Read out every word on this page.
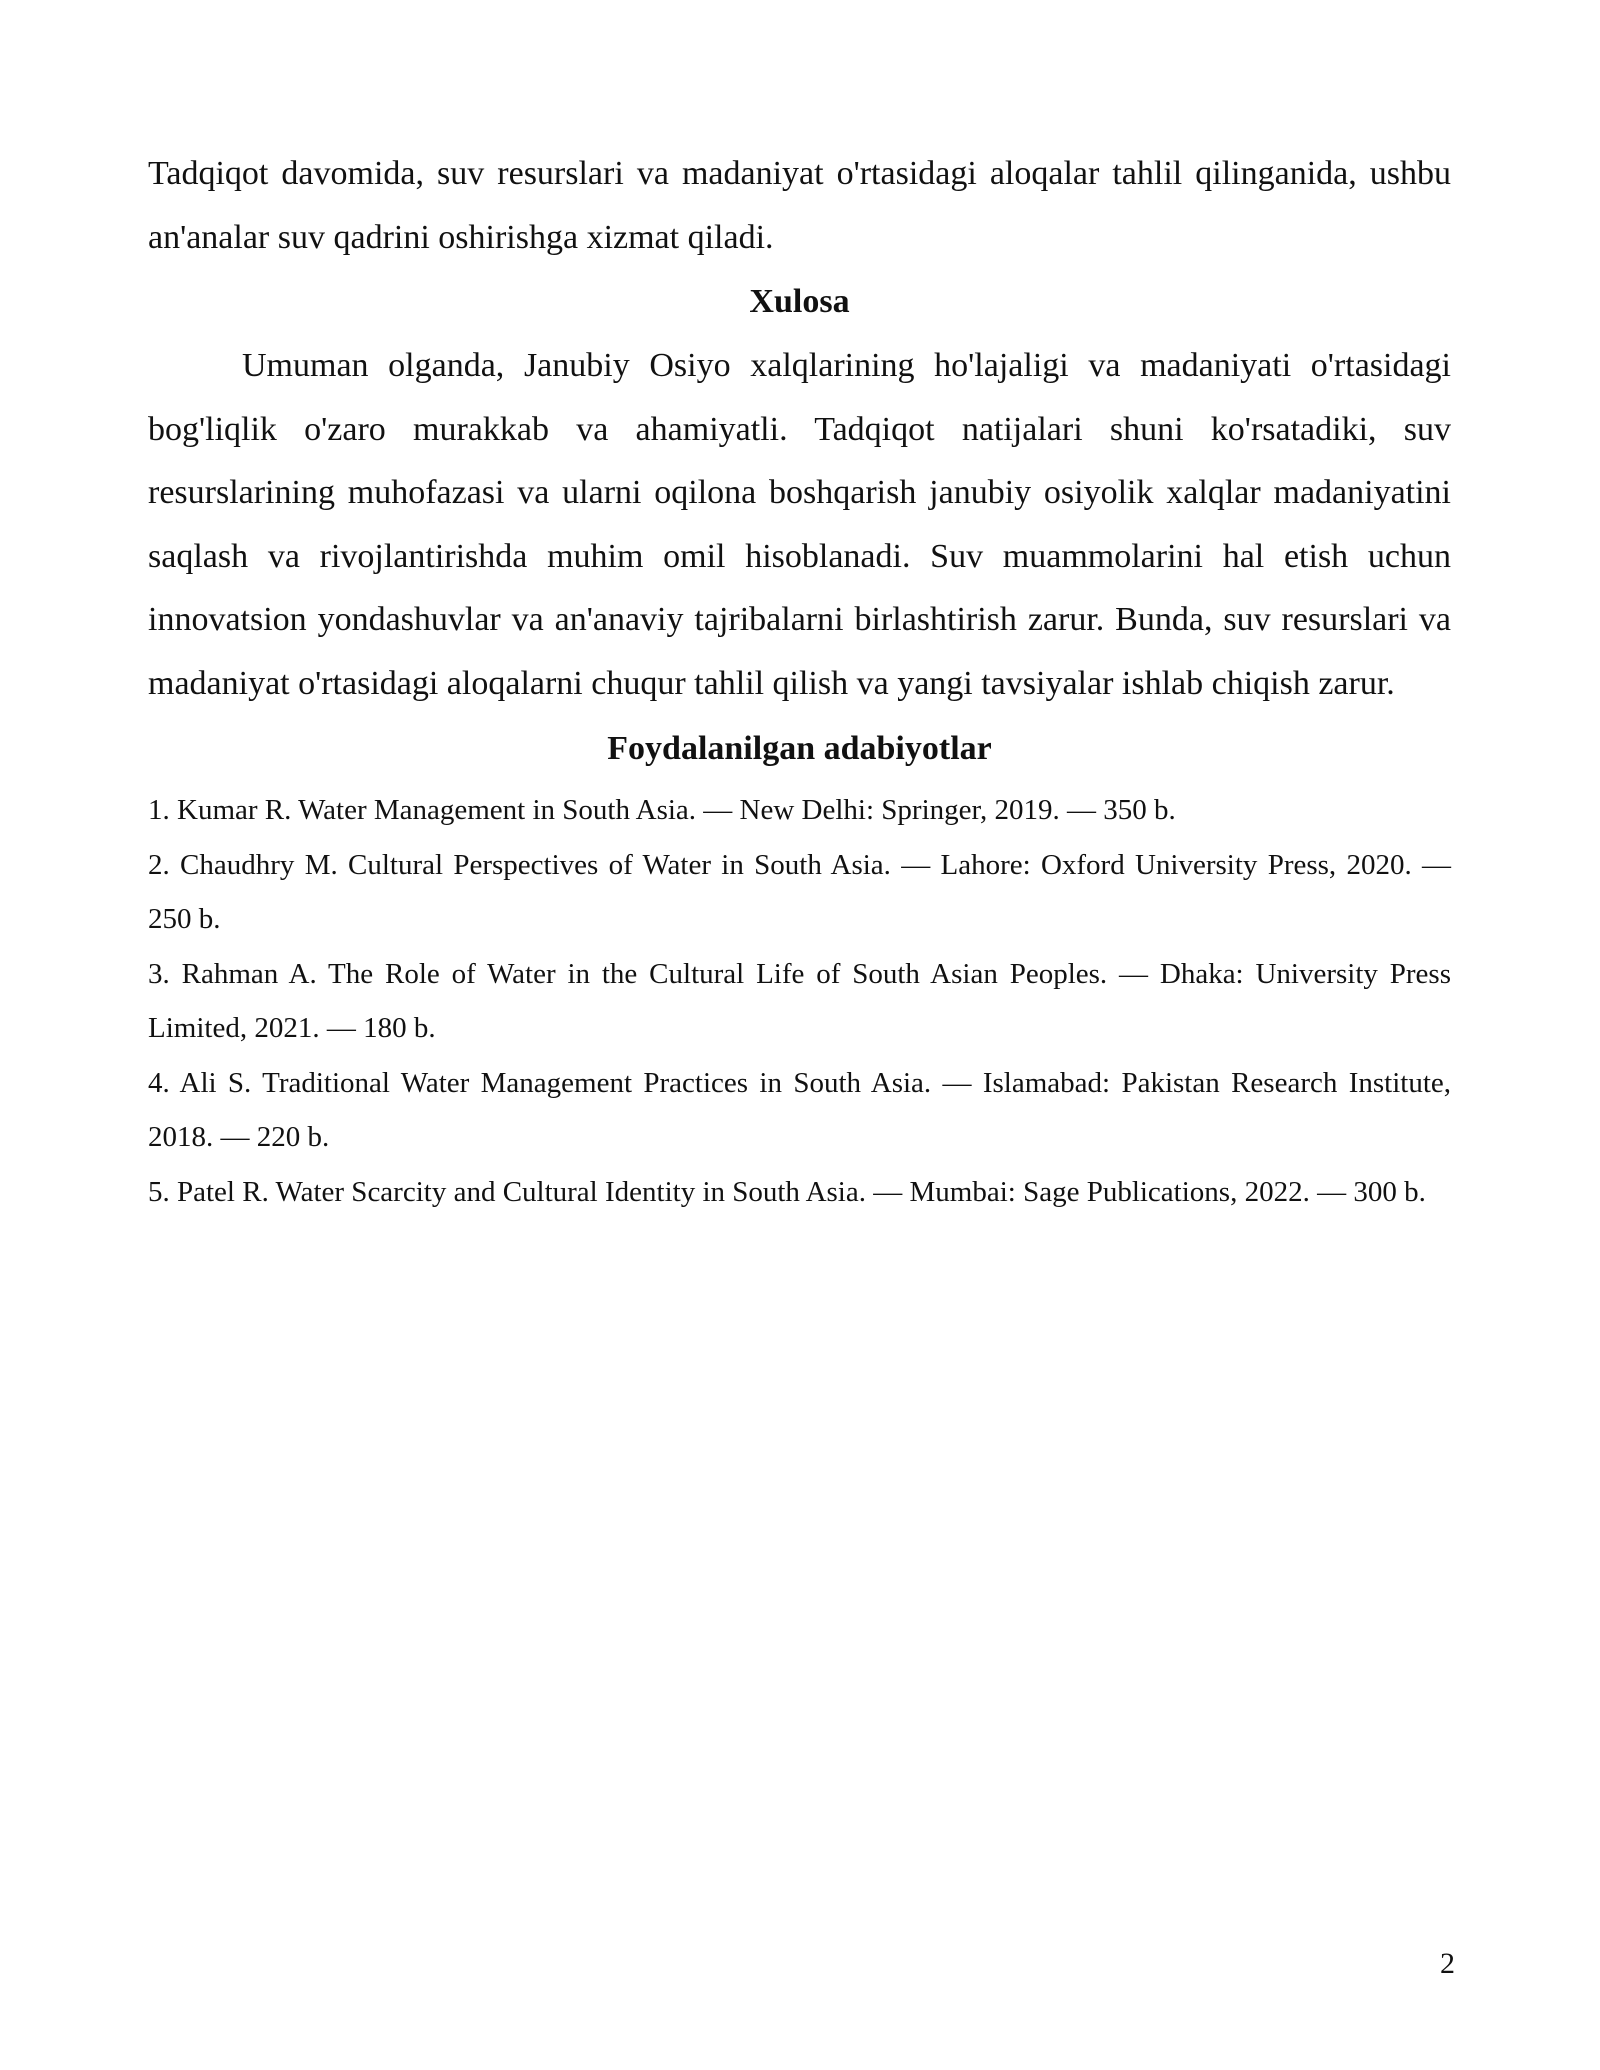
Tadqiqot davomida, suv resurslari va madaniyat o'rtasidagi aloqalar tahlil qilinganida, ushbu an'analar suv qadrini oshirishga xizmat qiladi.

Xulosa

Umuman olganda, Janubiy Osiyo xalqlarining ho'lajaligi va madaniyati o'rtasidagi bog'liqlik o'zaro murakkab va ahamiyatli. Tadqiqot natijalari shuni ko'rsatadiki, suv resurslarining muhofazasi va ularni oqilona boshqarish janubiy osiyolik xalqlar madaniyatini saqlash va rivojlantirishda muhim omil hisoblanadi. Suv muammolarini hal etish uchun innovatsion yondashuvlar va an'anaviy tajribalarni birlashtirish zarur. Bunda, suv resurslari va madaniyat o'rtasidagi aloqalarni chuqur tahlil qilish va yangi tavsiyalar ishlab chiqish zarur.

Foydalanilgan adabiyotlar
1. Kumar R. Water Management in South Asia. — New Delhi: Springer, 2019. — 350 b.
2. Chaudhry M. Cultural Perspectives of Water in South Asia. — Lahore: Oxford University Press, 2020. — 250 b.
3. Rahman A. The Role of Water in the Cultural Life of South Asian Peoples. — Dhaka: University Press Limited, 2021. — 180 b.
4. Ali S. Traditional Water Management Practices in South Asia. — Islamabad: Pakistan Research Institute, 2018. — 220 b.
5. Patel R. Water Scarcity and Cultural Identity in South Asia. — Mumbai: Sage Publications, 2022. — 300 b.
2
